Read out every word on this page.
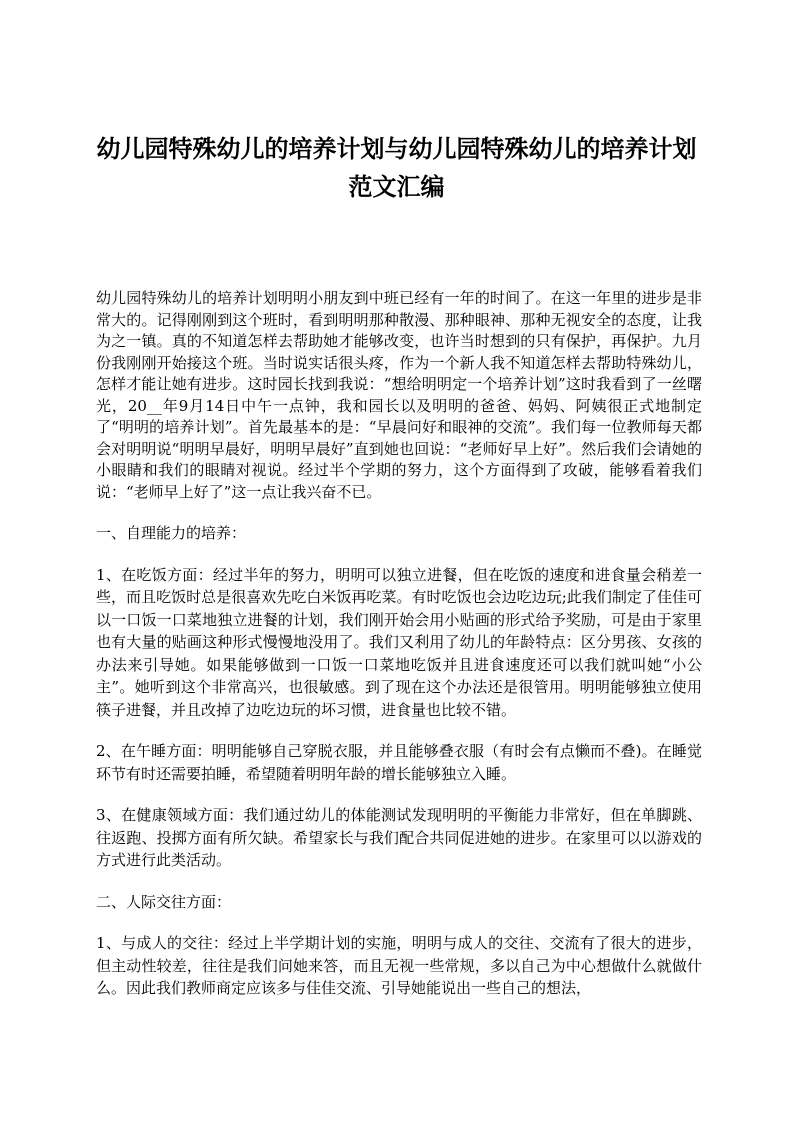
幼儿园特殊幼儿的培养计划与幼儿园特殊幼儿的培养计划
范文汇编

幼儿园特殊幼儿的培养计划明明小朋友到中班已经有一年的时间了。在这一年里的进步是非常大的。记得刚刚到这个班时，看到明明那种散漫、那种眼神、那种无视安全的态度，让我为之一镇。真的不知道怎样去帮助她才能够改变，也许当时想到的只有保护，再保护。九月份我刚刚开始接这个班。当时说实话很头疼，作为一个新人我不知道怎样去帮助特殊幼儿，怎样才能让她有进步。这时园长找到我说：“想给明明定一个培养计划”这时我看到了一丝曙光，20__年9月14日中午一点钟，我和园长以及明明的爸爸、妈妈、阿姨很正式地制定了“明明的培养计划”。首先最基本的是：“早晨问好和眼神的交流”。我们每一位教师每天都会对明明说“明明早晨好，明明早晨好”直到她也回说：“老师好早上好”。然后我们会请她的小眼睛和我们的眼睛对视说。经过半个学期的努力，这个方面得到了攻破，能够看着我们说：“老师早上好了”这一点让我兴奋不已。

一、自理能力的培养：

1、在吃饭方面：经过半年的努力，明明可以独立进餐，但在吃饭的速度和进食量会稍差一些，而且吃饭时总是很喜欢先吃白米饭再吃菜。有时吃饭也会边吃边玩;此我们制定了佳佳可以一口饭一口菜地独立进餐的计划，我们刚开始会用小贴画的形式给予奖励，可是由于家里也有大量的贴画这种形式慢慢地没用了。我们又利用了幼儿的年龄特点：区分男孩、女孩的办法来引导她。如果能够做到一口饭一口菜地吃饭并且进食速度还可以我们就叫她“小公主”。她听到这个非常高兴，也很敏感。到了现在这个办法还是很管用。明明能够独立使用筷子进餐，并且改掉了边吃边玩的坏习惯，进食量也比较不错。

2、在午睡方面：明明能够自己穿脱衣服，并且能够叠衣服（有时会有点懒而不叠)。在睡觉环节有时还需要拍睡，希望随着明明年龄的增长能够独立入睡。

3、在健康领域方面：我们通过幼儿的体能测试发现明明的平衡能力非常好，但在单脚跳、往返跑、投掷方面有所欠缺。希望家长与我们配合共同促进她的进步。在家里可以以游戏的方式进行此类活动。

二、人际交往方面：

1、与成人的交往：经过上半学期计划的实施，明明与成人的交往、交流有了很大的进步，但主动性较差，往往是我们问她来答，而且无视一些常规，多以自己为中心想做什么就做什么。因此我们教师商定应该多与佳佳交流、引导她能说出一些自己的想法，
